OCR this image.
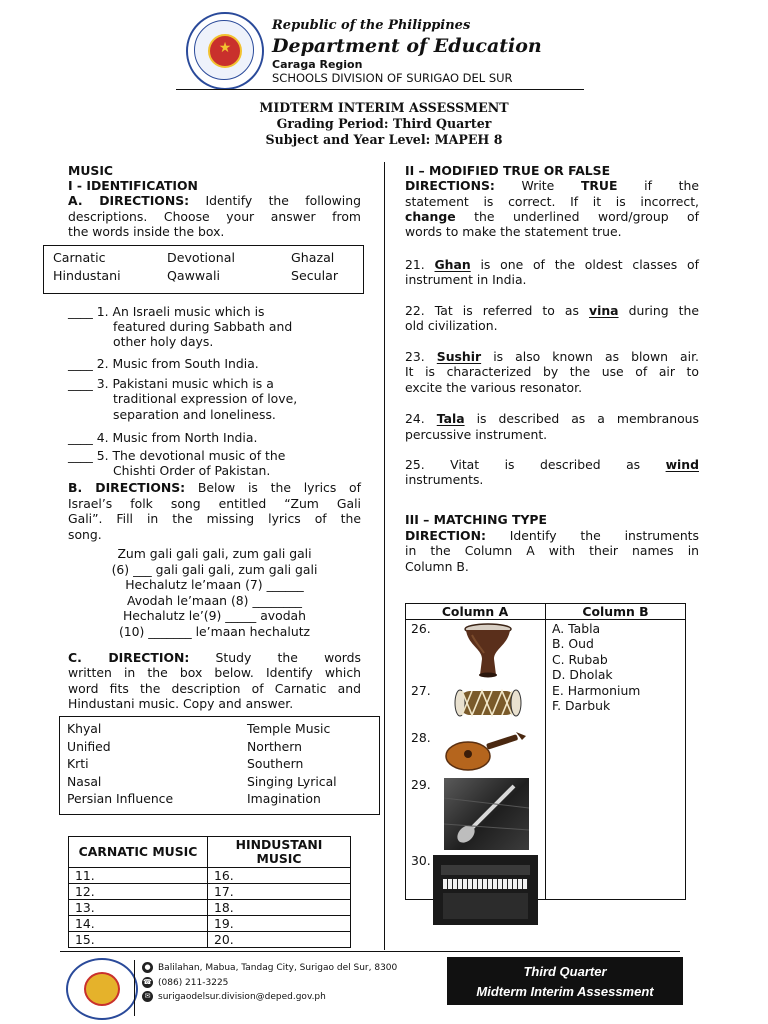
★
Republic of the Philippines
Department of Education
Caraga Region
SCHOOLS DIVISION OF SURIGAO DEL SUR
MIDTERM INTERIM ASSESSMENT
Grading Period: Third Quarter
Subject and Year Level: MAPEH 8
MUSIC
I - IDENTIFICATION
A. DIRECTIONS: Identify the following
descriptions. Choose your answer from
the words inside the box.
Carnatic	Devotional	Ghazal
Hindustani	Qawwali	Secular
____ 1. An Israeli music which is
featured during Sabbath and
other holy days.
____ 2. Music from South India.
____ 3. Pakistani music which is a
traditional expression of love,
separation and loneliness.
____ 4. Music from North India.
____ 5. The devotional music of the
Chishti Order of Pakistan.
B. DIRECTIONS: Below is the lyrics of
Israel’s folk song entitled “Zum Gali
Gali”. Fill in the missing lyrics of the
song.
Zum gali gali gali, zum gali gali
(6) ___ gali gali gali, zum gali gali
Hechalutz le’maan (7) ______
Avodah le’maan (8) ________
Hechalutz le’(9) _____ avodah
(10) _______ le’maan hechalutz
C. DIRECTION: Study the words
written in the box below. Identify which
word fits the description of Carnatic and
Hindustani music. Copy and answer.
Khyal	Temple Music
Unified	Northern
Krti	Southern
Nasal	Singing Lyrical
Persian Influence	Imagination
CARNATIC MUSIC	HINDUSTANI MUSIC
11.	16.
12.	17.
13.	18.
14.	19.
15.	20.
II – MODIFIED TRUE OR FALSE
DIRECTIONS: Write TRUE if the
statement is correct. If it is incorrect,
change the underlined word/group of
words to make the statement true.
21. Ghan is one of the oldest classes of
instrument in India.
22. Tat is referred to as vina during the
old civilization.
23. Sushir is also known as blown air.
It is characterized by the use of air to
excite the various resonator.
24. Tala is described as a membranous
percussive instrument.
25. Vitat is described as wind
instruments.
III – MATCHING TYPE
DIRECTION: Identify the instruments
in the Column A with their names in
Column B.
Column A	Column B
26.
27.
28.
29.
30.
A. Tabla
B. Oud
C. Rubab
D. Dholak
E. Harmonium
F. Darbuk
● Balilahan, Mabua, Tandag City, Surigao del Sur, 8300
☎ (086) 211-3225
✉ surigaodelsur.division@deped.gov.ph
Third Quarter
Midterm Interim Assessment
